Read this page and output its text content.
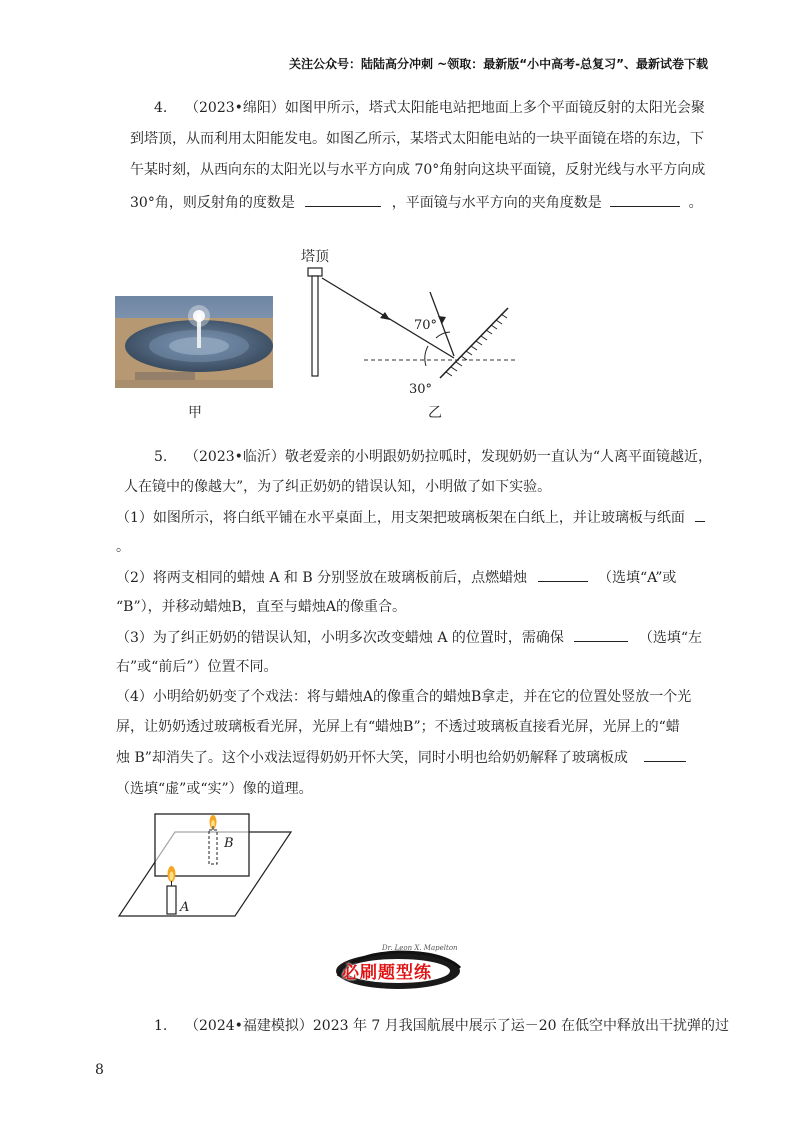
关注公众号：陆陆高分冲刺 ~领取：最新版“小中高考-总复习”、最新试卷下载
4. （2023•绵阳）如图甲所示，塔式太阳能电站把地面上多个平面镜反射的太阳光会聚
到塔顶，从而利用太阳能发电。如图乙所示，某塔式太阳能电站的一块平面镜在塔的东边，下
午某时刻，从西向东的太阳光以与水平方向成 70°角射向这块平面镜，反射光线与水平方向成
30°角，则反射角的度数是	，平面镜与水平方向的夹角度数是	。
甲
塔顶
70°
30°
乙
5. （2023•临沂）敬老爱亲的小明跟奶奶拉呱时，发现奶奶一直认为“人离平面镜越近，
人在镜中的像越大”，为了纠正奶奶的错误认知，小明做了如下实验。
（1）如图所示，将白纸平铺在水平桌面上，用支架把玻璃板架在白纸上，并让玻璃板与纸面
。
（2）将两支相同的蜡烛 A 和 B 分别竖放在玻璃板前后，点燃蜡烛	（选填“A”或
“B”），并移动蜡烛B，直至与蜡烛A的像重合。
（3）为了纠正奶奶的错误认知，小明多次改变蜡烛 A 的位置时，需确保	（选填“左
右”或“前后”）位置不同。
（4）小明给奶奶变了个戏法：将与蜡烛A的像重合的蜡烛B拿走，并在它的位置处竖放一个光
屏，让奶奶透过玻璃板看光屏，光屏上有“蜡烛B”；不透过玻璃板直接看光屏，光屏上的“蜡
烛 B”却消失了。这个小戏法逗得奶奶开怀大笑，同时小明也给奶奶解释了玻璃板成
（选填“虚”或“实”）像的道理。
B
A
必刷题型练
Dr. Leon X. Mapelton
1. （2024•福建模拟）2023 年 7 月我国航展中展示了运－20 在低空中释放出干扰弹的过
8
